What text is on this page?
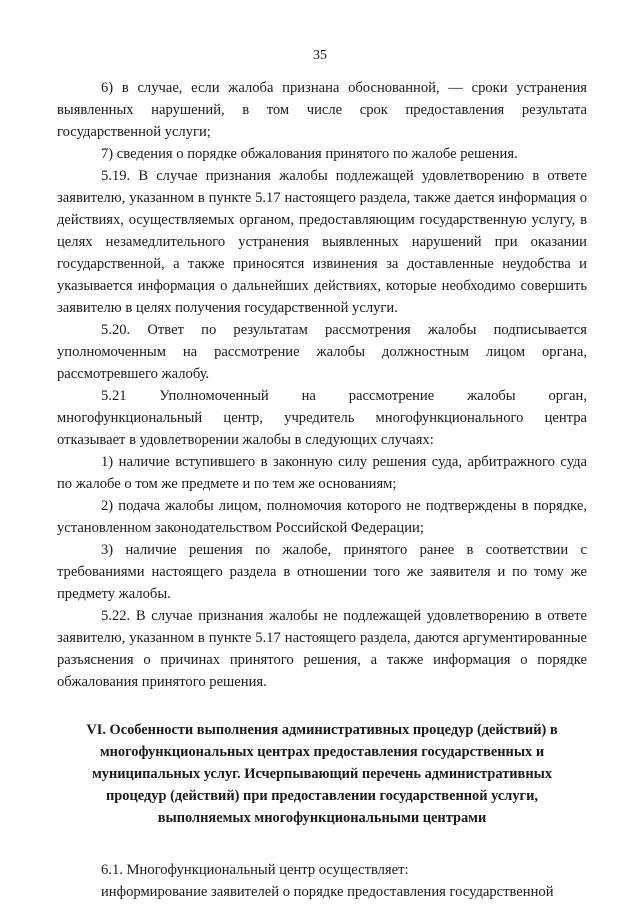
35

6) в случае, если жалоба признана обоснованной, — сроки устранения выявленных нарушений, в том числе срок предоставления результата государственной услуги;

7) сведения о порядке обжалования принятого по жалобе решения.

5.19. В случае признания жалобы подлежащей удовлетворению в ответе заявителю, указанном в пункте 5.17 настоящего раздела, также дается информация о действиях, осуществляемых органом, предоставляющим государственную услугу, в целях незамедлительного устранения выявленных нарушений при оказании государственной, а также приносятся извинения за доставленные неудобства и указывается информация о дальнейших действиях, которые необходимо совершить заявителю в целях получения государственной услуги.

5.20. Ответ по результатам рассмотрения жалобы подписывается уполномоченным на рассмотрение жалобы должностным лицом органа, рассмотревшего жалобу.

5.21 Уполномоченный на рассмотрение жалобы орган, многофункциональный центр, учредитель многофункционального центра отказывает в удовлетворении жалобы в следующих случаях:

1) наличие вступившего в законную силу решения суда, арбитражного суда по жалобе о том же предмете и по тем же основаниям;

2) подача жалобы лицом, полномочия которого не подтверждены в порядке, установленном законодательством Российской Федерации;

3) наличие решения по жалобе, принятого ранее в соответствии с требованиями настоящего раздела в отношении того же заявителя и по тому же предмету жалобы.

5.22. В случае признания жалобы не подлежащей удовлетворению в ответе заявителю, указанном в пункте 5.17 настоящего раздела, даются аргументированные разъяснения о причинах принятого решения, а также информация о порядке обжалования принятого решения.

VI. Особенности выполнения административных процедур (действий) в многофункциональных центрах предоставления государственных и муниципальных услуг. Исчерпывающий перечень административных процедур (действий) при предоставлении государственной услуги, выполняемых многофункциональными центрами

6.1. Многофункциональный центр осуществляет:

информирование заявителей о порядке предоставления государственной
